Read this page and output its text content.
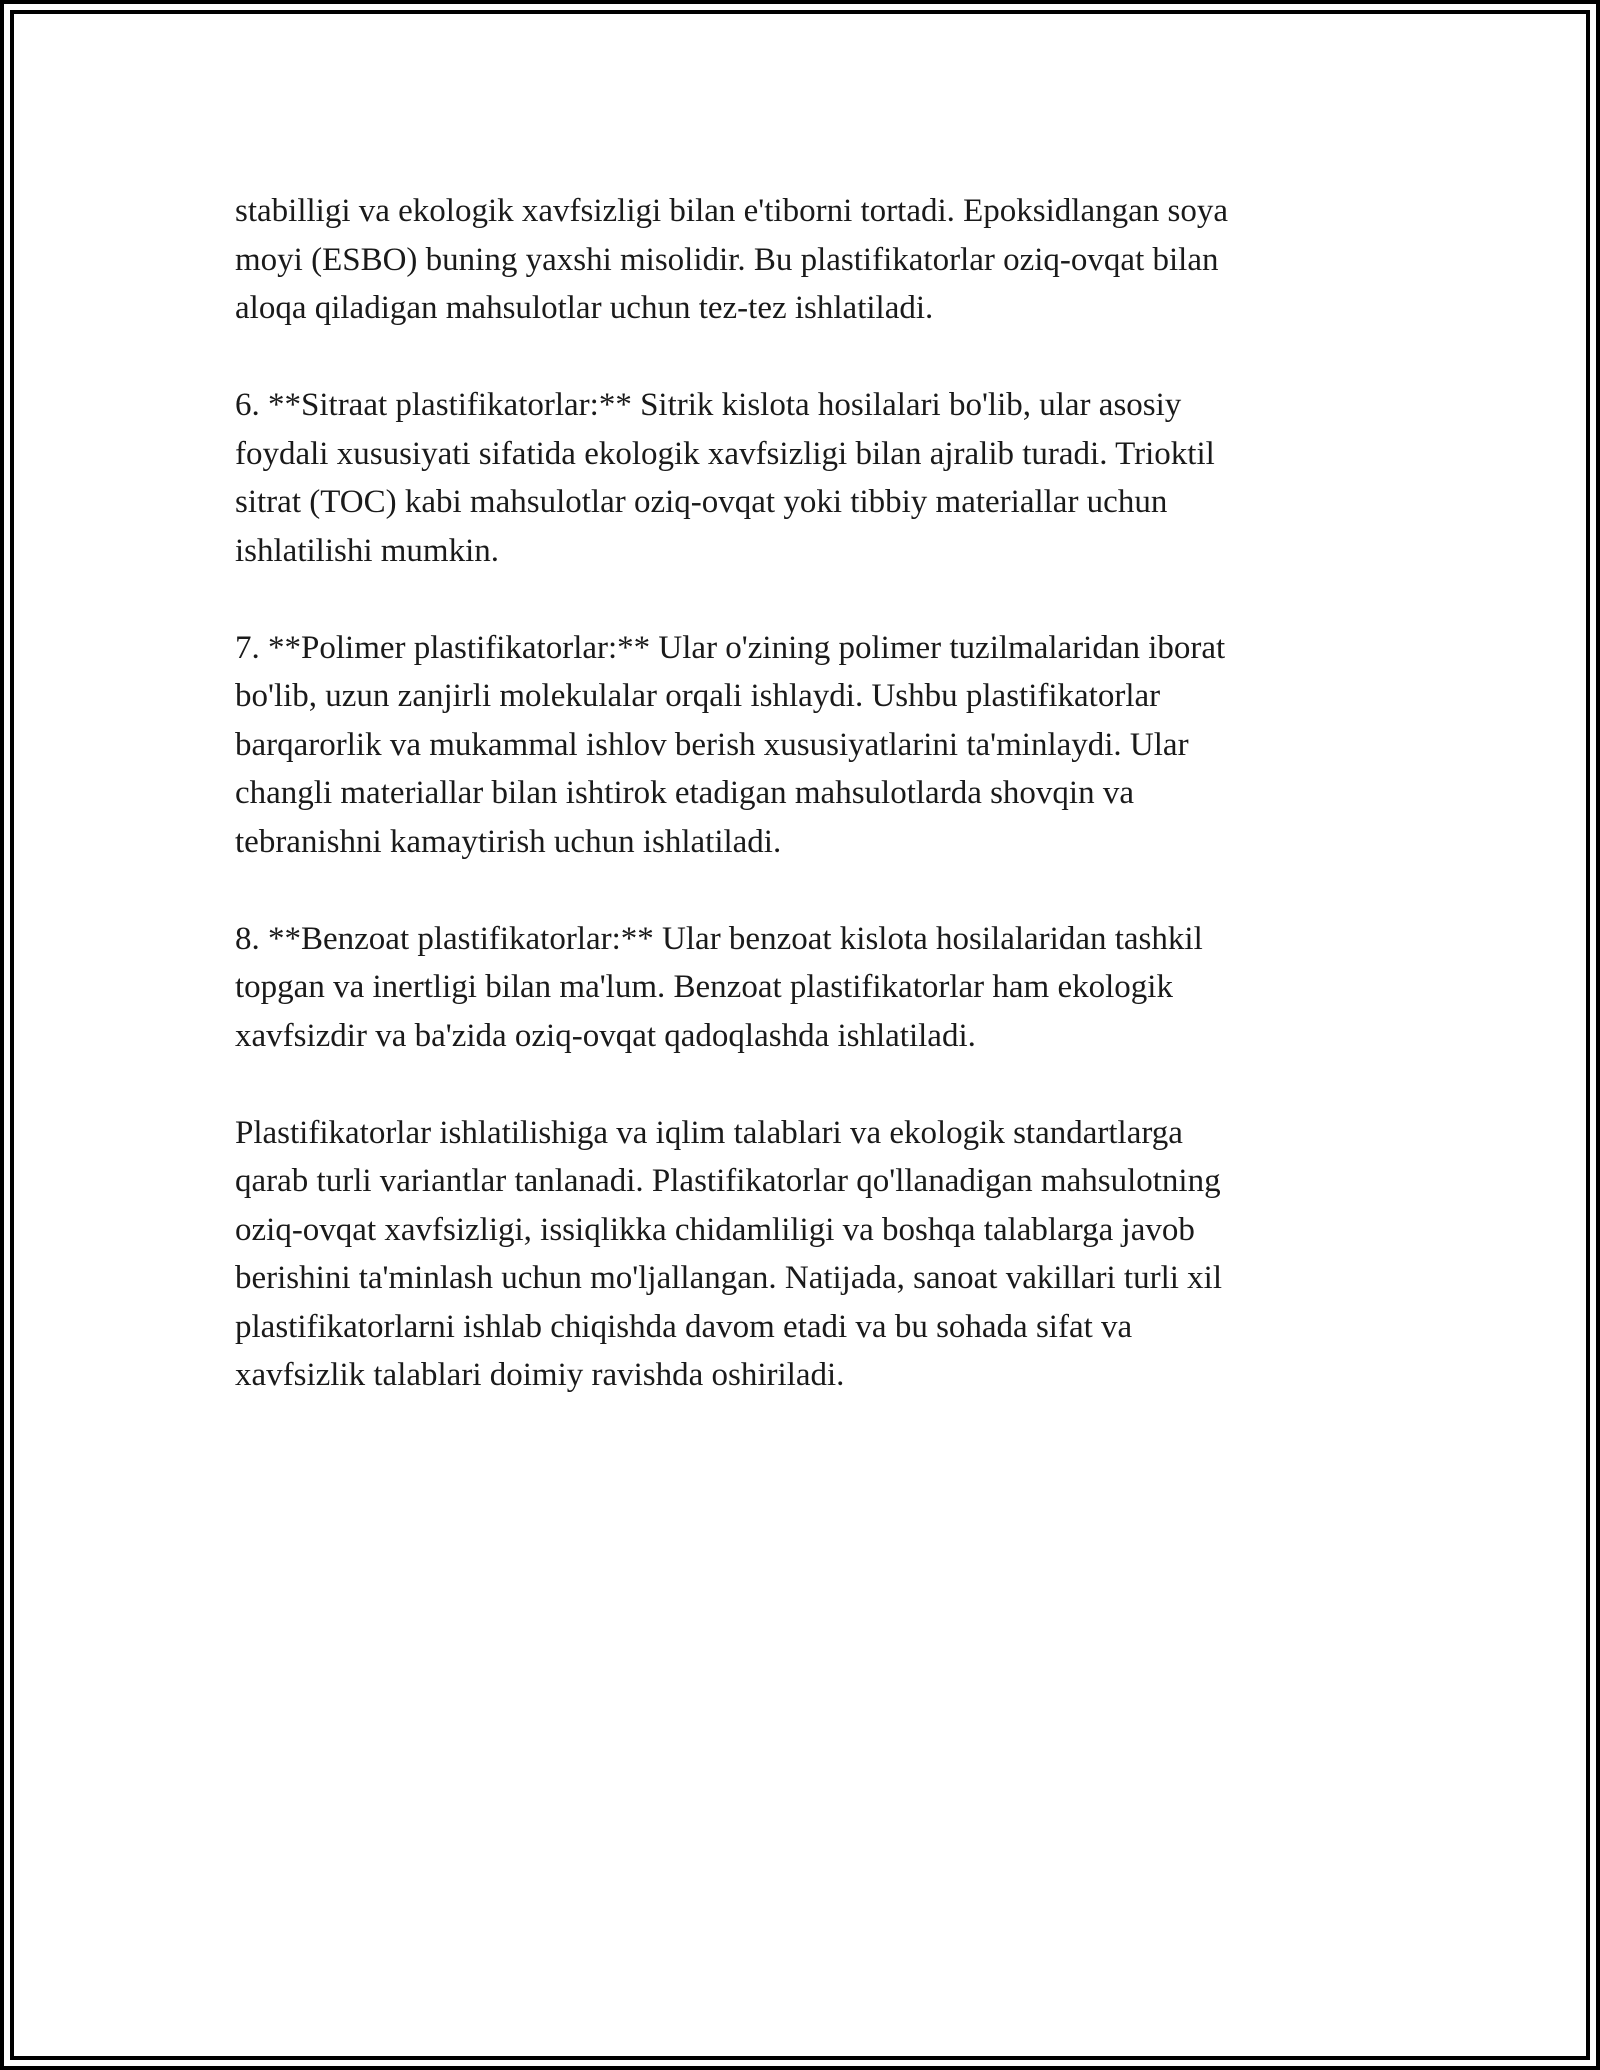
stabilligi va ekologik xavfsizligi bilan e'tiborni tortadi. Epoksidlangan soya
moyi (ESBO) buning yaxshi misolidir. Bu plastifikatorlar oziq-ovqat bilan
aloqa qiladigan mahsulotlar uchun tez-tez ishlatiladi.

6. **Sitraat plastifikatorlar:** Sitrik kislota hosilalari bo'lib, ular asosiy
foydali xususiyati sifatida ekologik xavfsizligi bilan ajralib turadi. Trioktil
sitrat (TOC) kabi mahsulotlar oziq-ovqat yoki tibbiy materiallar uchun
ishlatilishi mumkin.

7. **Polimer plastifikatorlar:** Ular o'zining polimer tuzilmalaridan iborat
bo'lib, uzun zanjirli molekulalar orqali ishlaydi. Ushbu plastifikatorlar
barqarorlik va mukammal ishlov berish xususiyatlarini ta'minlaydi. Ular
changli materiallar bilan ishtirok etadigan mahsulotlarda shovqin va
tebranishni kamaytirish uchun ishlatiladi.

8. **Benzoat plastifikatorlar:** Ular benzoat kislota hosilalaridan tashkil
topgan va inertligi bilan ma'lum. Benzoat plastifikatorlar ham ekologik
xavfsizdir va ba'zida oziq-ovqat qadoqlashda ishlatiladi.

Plastifikatorlar ishlatilishiga va iqlim talablari va ekologik standartlarga
qarab turli variantlar tanlanadi. Plastifikatorlar qo'llanadigan mahsulotning
oziq-ovqat xavfsizligi, issiqlikka chidamliligi va boshqa talablarga javob
berishini ta'minlash uchun mo'ljallangan. Natijada, sanoat vakillari turli xil
plastifikatorlarni ishlab chiqishda davom etadi va bu sohada sifat va
xavfsizlik talablari doimiy ravishda oshiriladi.
